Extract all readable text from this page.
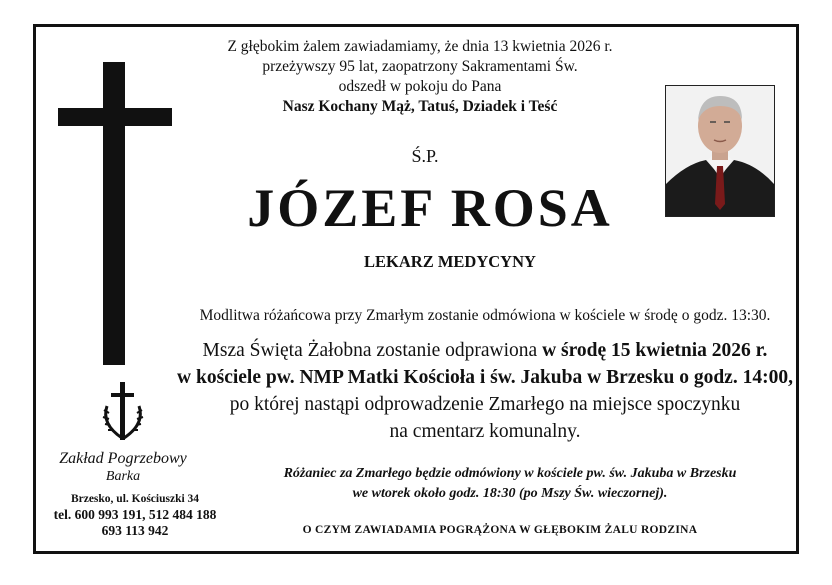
Z głębokim żalem zawiadamiamy, że dnia 13 kwietnia 2026 r.
przeżywszy 95 lat, zaopatrzony Sakramentami Św.
odszedł w pokoju do Pana
Nasz Kochany Mąż, Tatuś, Dziadek i Teść
Ś.P.
JÓZEF ROSA
LEKARZ MEDYCYNY
Modlitwa różańcowa przy Zmarłym zostanie odmówiona w kościele w środę o godz. 13:30.
Msza Święta Żałobna zostanie odprawiona w środę 15 kwietnia 2026 r.
w kościele pw. NMP Matki Kościoła i św. Jakuba w Brzesku o godz. 14:00,
po której nastąpi odprowadzenie Zmarłego na miejsce spoczynku
na cmentarz komunalny.
Różaniec za Zmarłego będzie odmówiony w kościele pw. św. Jakuba w Brzesku
we wtorek około godz. 18:30 (po Mszy Św. wieczornej).
O CZYM ZAWIADAMIA POGRĄŻONA W GŁĘBOKIM ŻALU RODZINA
Zakład Pogrzebowy
Barka
Brzesko, ul. Kościuszki 34
tel. 600 993 191, 512 484 188
693 113 942
